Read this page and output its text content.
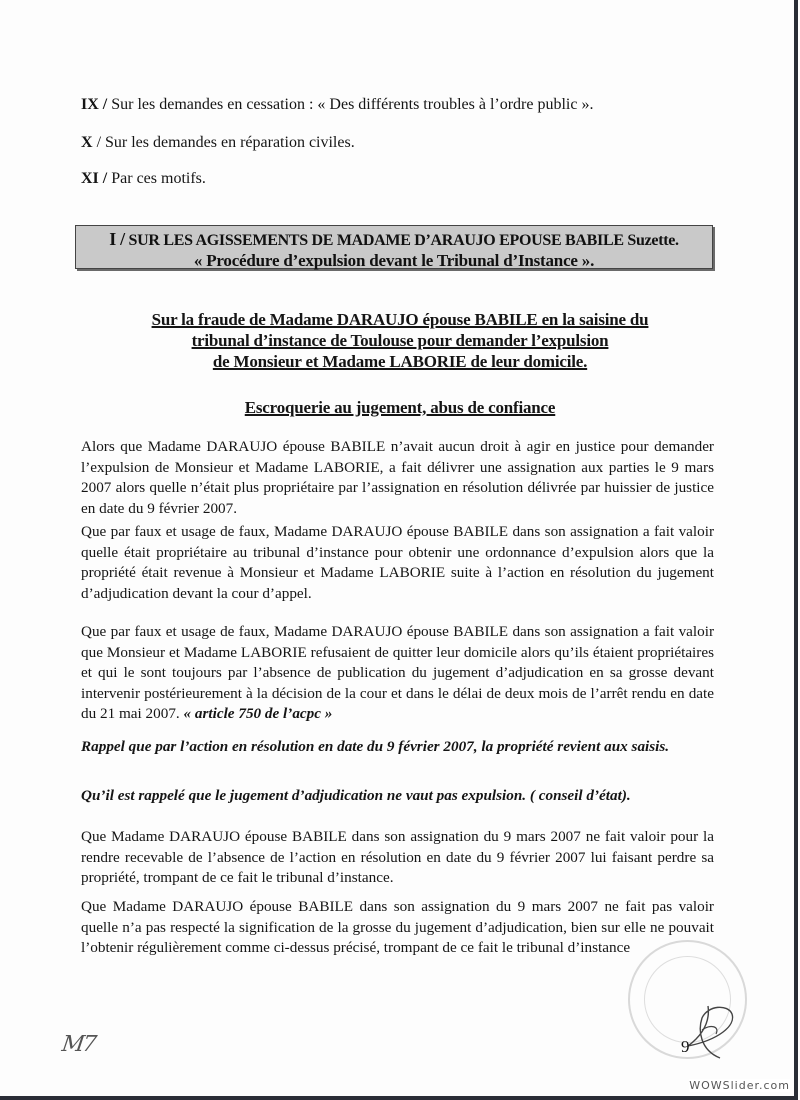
IX / Sur les demandes en cessation : « Des différents troubles à l’ordre public ».
X / Sur les demandes en réparation civiles.
XI / Par ces motifs.
I / SUR LES AGISSEMENTS DE MADAME D’ARAUJO EPOUSE BABILE Suzette.
« Procédure d’expulsion devant le Tribunal d’Instance ».
Sur la fraude de Madame DARAUJO épouse BABILE en la saisine du
tribunal d’instance de Toulouse pour demander l’expulsion
de Monsieur et Madame LABORIE de leur domicile.
Escroquerie au jugement, abus de confiance
Alors que Madame DARAUJO épouse BABILE n’avait aucun droit à agir en justice pour demander l’expulsion de Monsieur et Madame LABORIE, a fait délivrer une assignation aux parties le 9 mars 2007 alors quelle n’était plus propriétaire par l’assignation en résolution délivrée par huissier de justice en date du 9 février 2007.
Que par faux et usage de faux, Madame DARAUJO épouse BABILE dans son assignation a fait valoir quelle était propriétaire au tribunal d’instance pour obtenir une ordonnance d’expulsion alors que la propriété était revenue à Monsieur et Madame LABORIE suite à l’action en résolution du jugement d’adjudication devant la cour d’appel.
Que par faux et usage de faux, Madame DARAUJO épouse BABILE dans son assignation a fait valoir que Monsieur et Madame LABORIE refusaient de quitter leur domicile alors qu’ils étaient propriétaires et qui le sont toujours par l’absence de publication du jugement d’adjudication en sa grosse devant intervenir postérieurement à la décision de la cour et dans le délai de deux mois de l’arrêt rendu en date du 21 mai 2007. « article 750 de l’acpc »
Rappel que par l’action en résolution en date du 9 février 2007, la propriété revient aux saisis.
Qu’il est rappelé que le jugement d’adjudication ne vaut pas expulsion. ( conseil d’état).
Que Madame DARAUJO épouse BABILE dans son assignation du 9 mars 2007 ne fait valoir pour la rendre recevable de l’absence de l’action en résolution en date du 9 février 2007 lui faisant perdre sa propriété, trompant de ce fait le tribunal d’instance.
Que Madame DARAUJO épouse BABILE dans son assignation du 9 mars 2007 ne fait pas valoir quelle n’a pas respecté la signification de la grosse du jugement d’adjudication, bien sur elle ne pouvait l’obtenir régulièrement comme ci-dessus précisé, trompant de ce fait le tribunal d’instance
M7	9
WOWSlider.com
